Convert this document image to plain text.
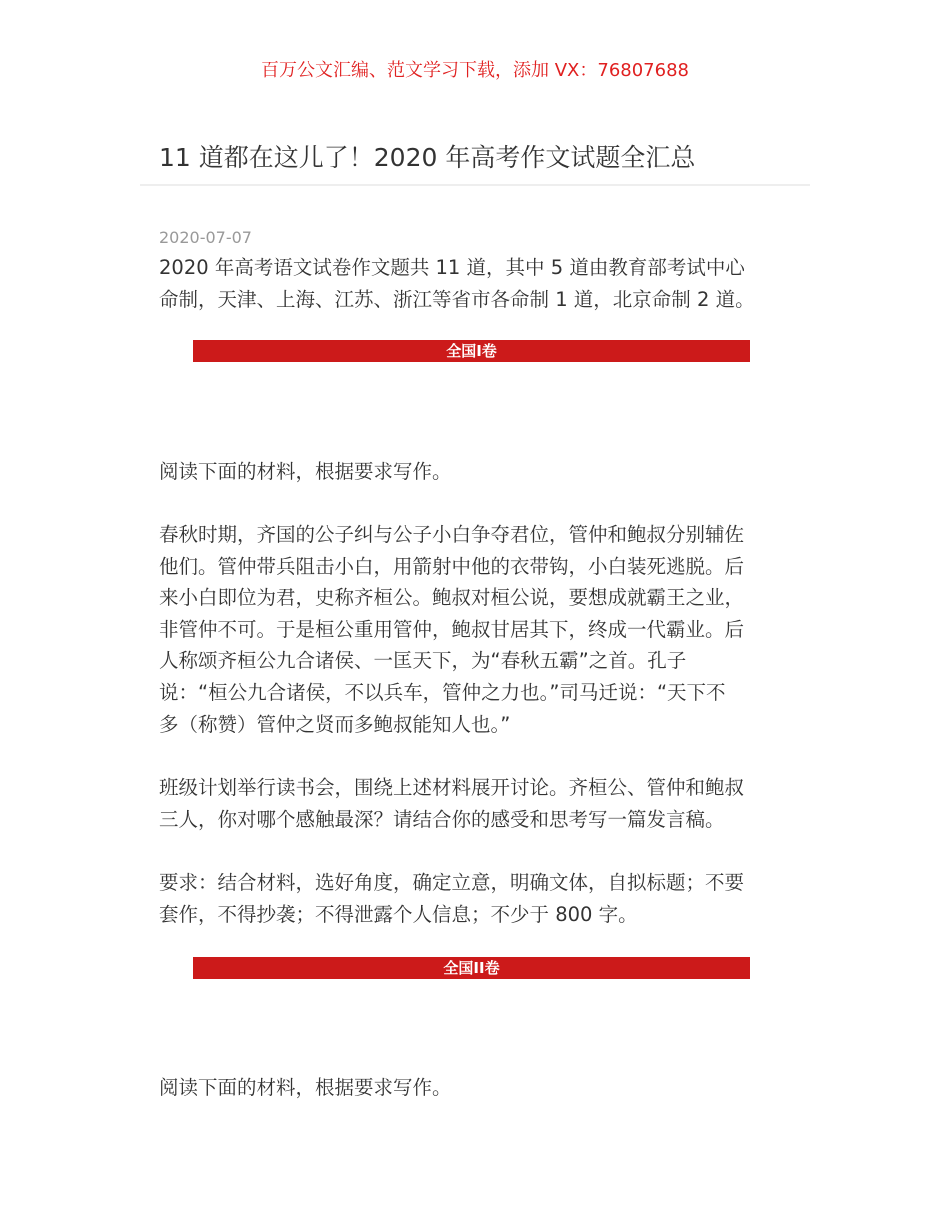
百万公文汇编、范文学习下载，添加 VX：76807688
11 道都在这儿了！2020 年高考作文试题全汇总
2020-07-07
2020 年高考语文试卷作文题共 11 道，其中 5 道由教育部考试中心
命制，天津、上海、江苏、浙江等省市各命制 1 道，北京命制 2 道。
全国I卷
阅读下面的材料，根据要求写作。
春秋时期，齐国的公子纠与公子小白争夺君位，管仲和鲍叔分别辅佐
他们。管仲带兵阻击小白，用箭射中他的衣带钩，小白装死逃脱。后
来小白即位为君，史称齐桓公。鲍叔对桓公说，要想成就霸王之业，
非管仲不可。于是桓公重用管仲，鲍叔甘居其下，终成一代霸业。后
人称颂齐桓公九合诸侯、一匡天下，为“春秋五霸”之首。孔子
说：“桓公九合诸侯，不以兵车，管仲之力也。”司马迁说：“天下不
多（称赞）管仲之贤而多鲍叔能知人也。”
班级计划举行读书会，围绕上述材料展开讨论。齐桓公、管仲和鲍叔
三人，你对哪个感触最深？请结合你的感受和思考写一篇发言稿。
要求：结合材料，选好角度，确定立意，明确文体，自拟标题；不要
套作，不得抄袭；不得泄露个人信息；不少于 800 字。
全国II卷
阅读下面的材料，根据要求写作。
